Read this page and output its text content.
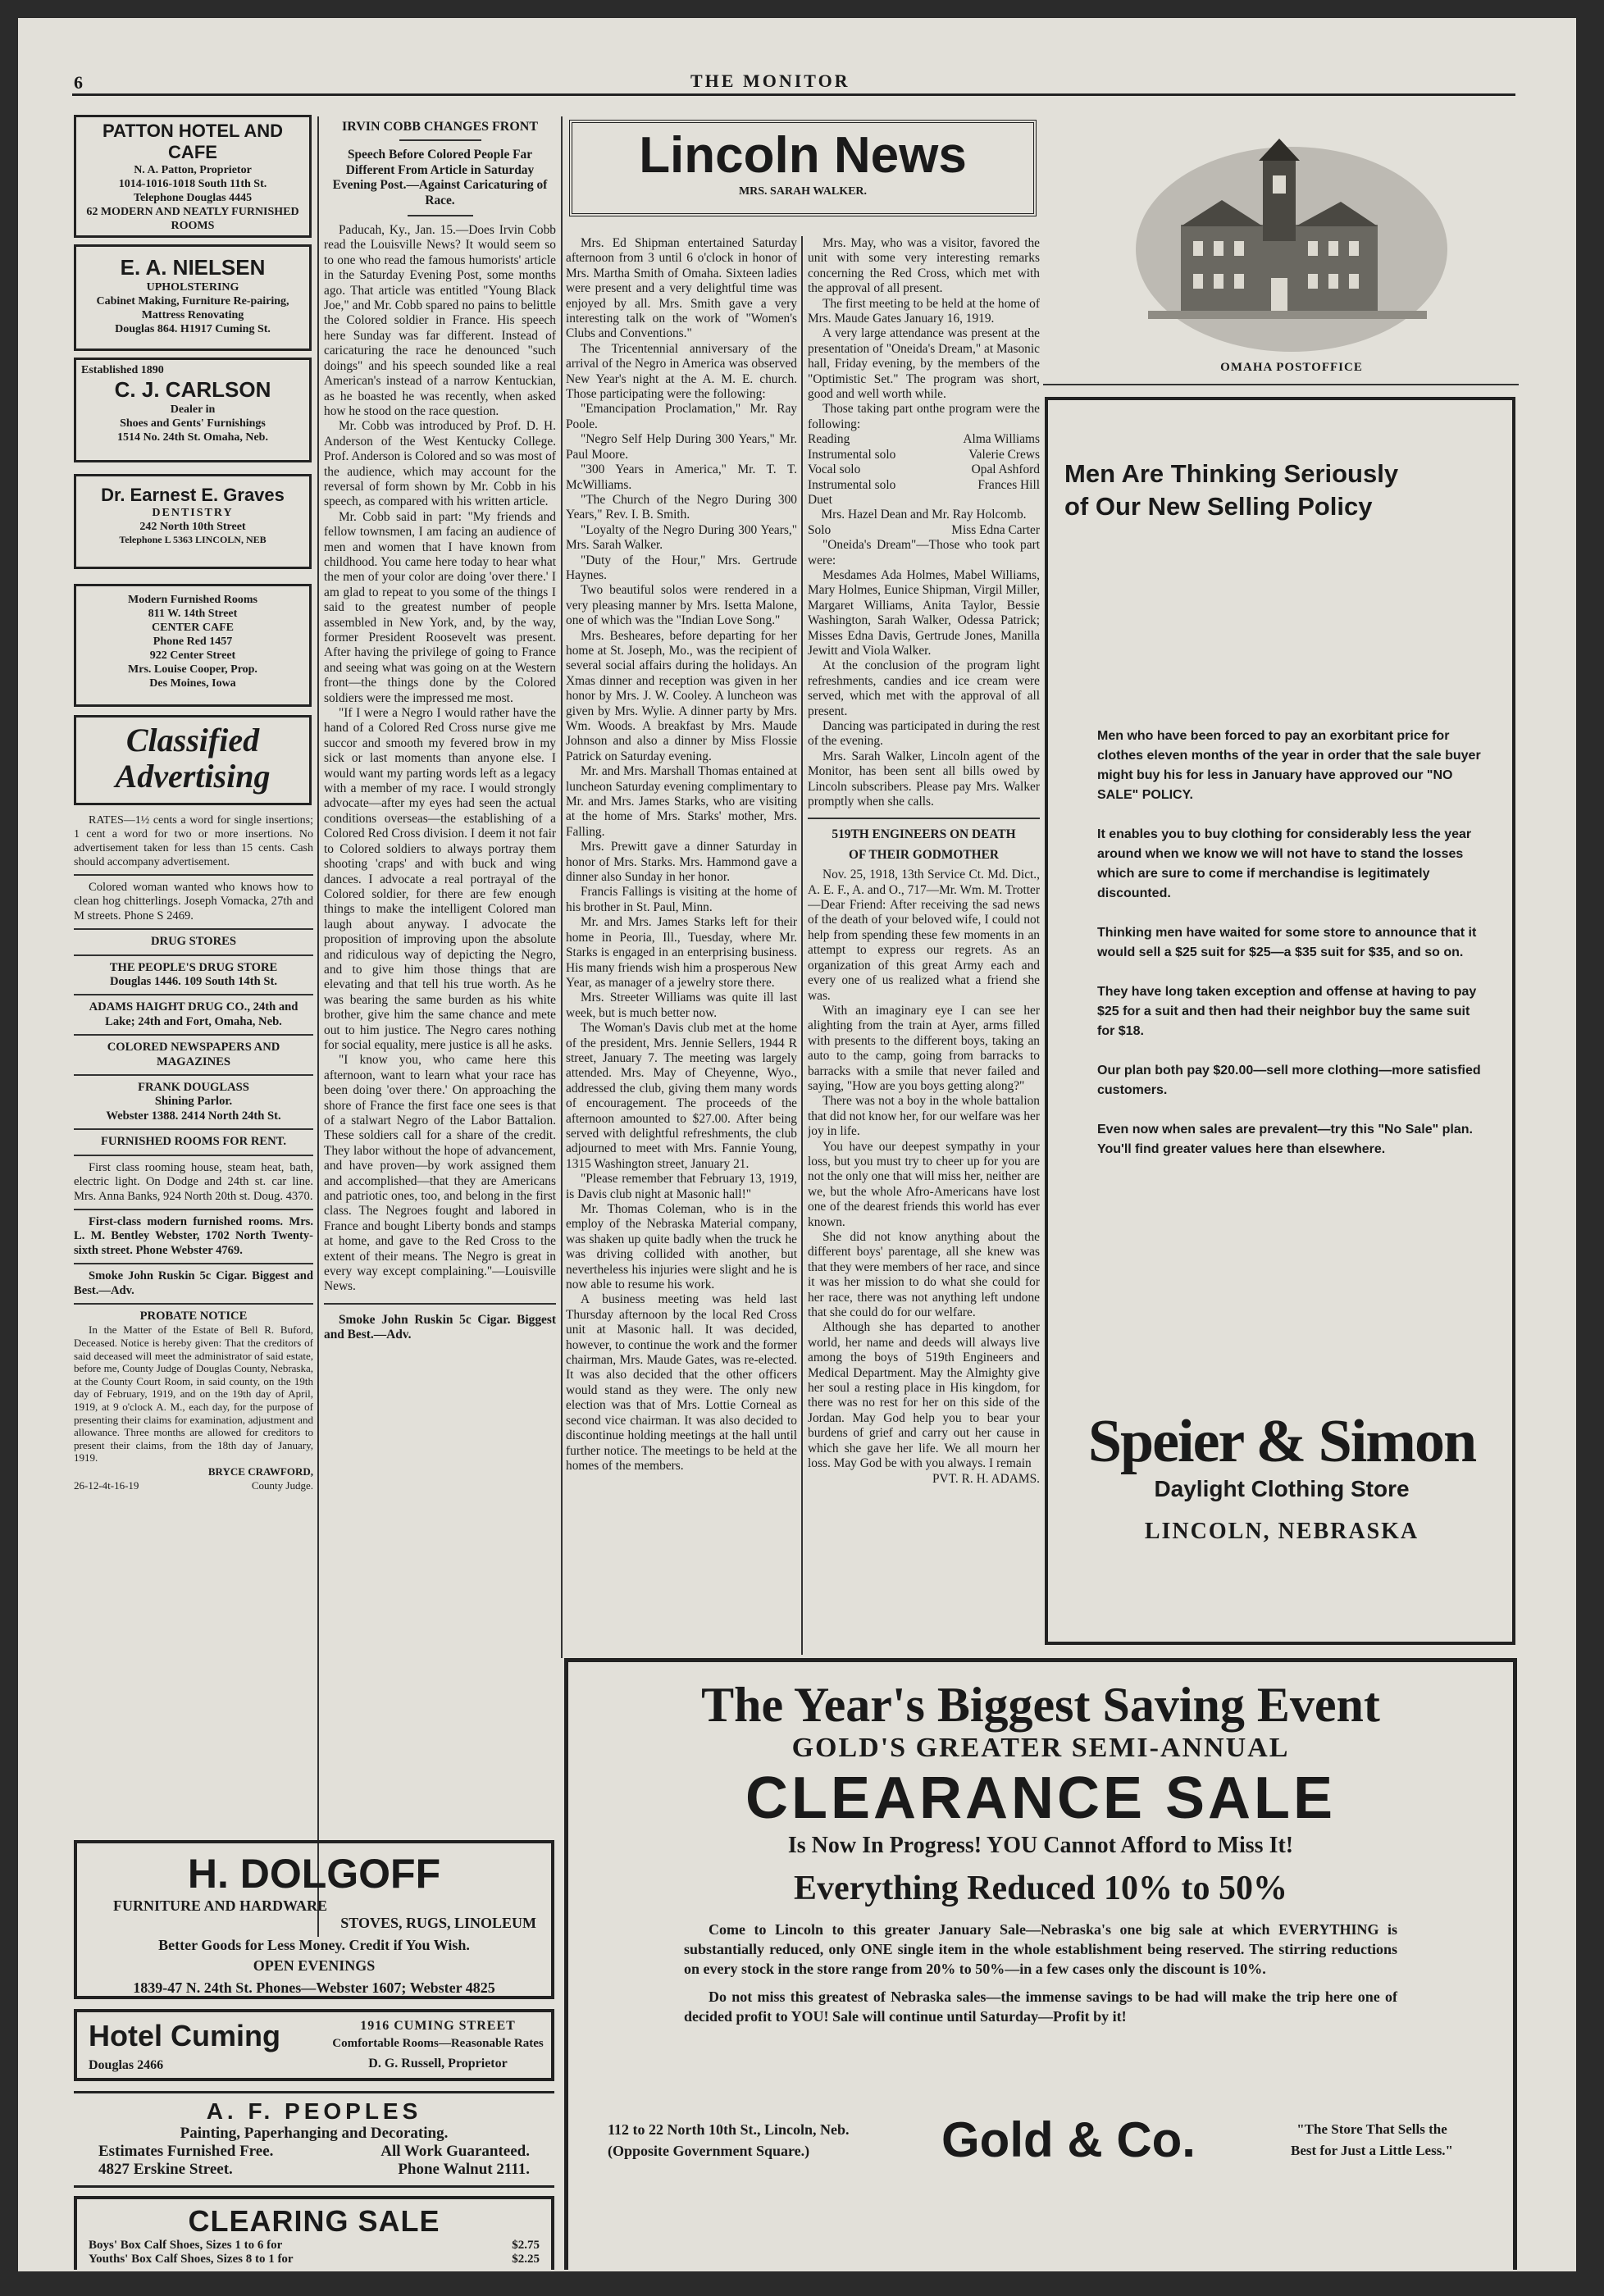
6	THE MONITOR
PATTON HOTEL AND CAFE
N. A. Patton, Proprietor
1014-1016-1018 South 11th St.
Telephone Douglas 4445
62 MODERN AND NEATLY FURNISHED ROOMS
E. A. NIELSEN
UPHOLSTERING
Cabinet Making, Furniture Re-pairing, Mattress Renovating
Douglas 864. H1917 Cuming St.
Established 1890
C. J. CARLSON
Dealer in
Shoes and Gents' Furnishings
1514 No. 24th St. Omaha, Neb.
Dr. Earnest E. Graves
DENTISTRY
242 North 10th Street
Telephone L 5363 LINCOLN, NEB
Modern Furnished Rooms
811 W. 14th Street
CENTER CAFE
Phone Red 1457
922 Center Street
Mrs. Louise Cooper, Prop.
Des Moines, Iowa
Classified
Advertising

RATES—1½ cents a word for single insertions; 1 cent a word for two or more insertions. No advertisement taken for less than 15 cents. Cash should accompany advertisement.

Colored woman wanted who knows how to clean hog chitterlings. Joseph Vomacka, 27th and M streets. Phone S 2469.

DRUG STORES
THE PEOPLE'S DRUG STORE
Douglas 1446. 109 South 14th St.
ADAMS HAIGHT DRUG CO., 24th and Lake; 24th and Fort, Omaha, Neb.
COLORED NEWSPAPERS AND MAGAZINES
FRANK DOUGLASS
Shining Parlor.
Webster 1388. 2414 North 24th St.
FURNISHED ROOMS FOR RENT.

First class rooming house, steam heat, bath, electric light. On Dodge and 24th st. car line. Mrs. Anna Banks, 924 North 20th st. Doug. 4370.

First-class modern furnished rooms. Mrs. L. M. Bentley Webster, 1702 North Twenty-sixth street. Phone Webster 4769.

Smoke John Ruskin 5c Cigar. Biggest and Best.—Adv.

PROBATE NOTICE

In the Matter of the Estate of Bell R. Buford, Deceased. Notice is hereby given: That the creditors of said deceased will meet the administrator of said estate, before me, County Judge of Douglas County, Nebraska, at the County Court Room, in said county, on the 19th day of February, 1919, and on the 19th day of April, 1919, at 9 o'clock A. M., each day, for the purpose of presenting their claims for examination, adjustment and allowance. Three months are allowed for creditors to present their claims, from the 18th day of January, 1919.

BRYCE CRAWFORD,
26-12-4t-16-19	County Judge.
IRVIN COBB CHANGES FRONT
Speech Before Colored People Far Different From Article in Saturday Evening Post.—Against Caricaturing of Race.

Paducah, Ky., Jan. 15.—Does Irvin Cobb read the Louisville News? It would seem so to one who read the famous humorists' article in the Saturday Evening Post, some months ago. That article was entitled "Young Black Joe," and Mr. Cobb spared no pains to belittle the Colored soldier in France. His speech here Sunday was far different. Instead of caricaturing the race he denounced "such doings" and his speech sounded like a real American's instead of a narrow Kentuckian, as he boasted he was recently, when asked how he stood on the race question.

Mr. Cobb was introduced by Prof. D. H. Anderson of the West Kentucky College. Prof. Anderson is Colored and so was most of the audience, which may account for the reversal of form shown by Mr. Cobb in his speech, as compared with his written article.

Mr. Cobb said in part: "My friends and fellow townsmen, I am facing an audience of men and women that I have known from childhood. You came here today to hear what the men of your color are doing 'over there.' I am glad to repeat to you some of the things I said to the greatest number of people assembled in New York, and, by the way, former President Roosevelt was present. After having the privilege of going to France and seeing what was going on at the Western front—the things done by the Colored soldiers were the impressed me most.

"If I were a Negro I would rather have the hand of a Colored Red Cross nurse give me succor and smooth my fevered brow in my sick or last moments than anyone else. I would want my parting words left as a legacy with a member of my race. I would strongly advocate—after my eyes had seen the actual conditions overseas—the establishing of a Colored Red Cross division. I deem it not fair to Colored soldiers to always portray them shooting 'craps' and with buck and wing dances. I advocate a real portrayal of the Colored soldier, for there are few enough things to make the intelligent Colored man laugh about anyway. I advocate the proposition of improving upon the absolute and ridiculous way of depicting the Negro, and to give him those things that are elevating and that tell his true worth. As he was bearing the same burden as his white brother, give him the same chance and mete out to him justice. The Negro cares nothing for social equality, mere justice is all he asks.

"I know you, who came here this afternoon, want to learn what your race has been doing 'over there.' On approaching the shore of France the first face one sees is that of a stalwart Negro of the Labor Battalion. These soldiers call for a share of the credit. They labor without the hope of advancement, and have proven—by work assigned them and accomplished—that they are Americans and patriotic ones, too, and belong in the first class. The Negroes fought and labored in France and bought Liberty bonds and stamps at home, and gave to the Red Cross to the extent of their means. The Negro is great in every way except complaining."—Louisville News.

Smoke John Ruskin 5c Cigar. Biggest and Best.—Adv.

Lincoln News
MRS. SARAH WALKER.

Mrs. Ed Shipman entertained Saturday afternoon from 3 until 6 o'clock in honor of Mrs. Martha Smith of Omaha. Sixteen ladies were present and a very delightful time was enjoyed by all. Mrs. Smith gave a very interesting talk on the work of "Women's Clubs and Conventions."

The Tricentennial anniversary of the arrival of the Negro in America was observed New Year's night at the A. M. E. church. Those participating were the following:

"Emancipation Proclamation," Mr. Ray Poole.

"Negro Self Help During 300 Years," Mr. Paul Moore.

"300 Years in America," Mr. T. T. McWilliams.

"The Church of the Negro During 300 Years," Rev. I. B. Smith.

"Loyalty of the Negro During 300 Years," Mrs. Sarah Walker.

"Duty of the Hour," Mrs. Gertrude Haynes.

Two beautiful solos were rendered in a very pleasing manner by Mrs. Isetta Malone, one of which was the "Indian Love Song."

Mrs. Besheares, before departing for her home at St. Joseph, Mo., was the recipient of several social affairs during the holidays. An Xmas dinner and reception was given in her honor by Mrs. J. W. Cooley. A luncheon was given by Mrs. Wylie. A dinner party by Mrs. Wm. Woods. A breakfast by Mrs. Maude Johnson and also a dinner by Miss Flossie Patrick on Saturday evening.

Mr. and Mrs. Marshall Thomas entained at luncheon Saturday evening complimentary to Mr. and Mrs. James Starks, who are visiting at the home of Mrs. Starks' mother, Mrs. Falling.

Mrs. Prewitt gave a dinner Saturday in honor of Mrs. Starks. Mrs. Hammond gave a dinner also Sunday in her honor.

Francis Fallings is visiting at the home of his brother in St. Paul, Minn.

Mr. and Mrs. James Starks left for their home in Peoria, Ill., Tuesday, where Mr. Starks is engaged in an enterprising business. His many friends wish him a prosperous New Year, as manager of a jewelry store there.

Mrs. Streeter Williams was quite ill last week, but is much better now.

The Woman's Davis club met at the home of the president, Mrs. Jennie Sellers, 1944 R street, January 7. The meeting was largely attended. Mrs. May of Cheyenne, Wyo., addressed the club, giving them many words of encouragement. The proceeds of the afternoon amounted to $27.00. After being served with delightful refreshments, the club adjourned to meet with Mrs. Fannie Young, 1315 Washington street, January 21.

"Please remember that February 13, 1919, is Davis club night at Masonic hall!"

Mr. Thomas Coleman, who is in the employ of the Nebraska Material company, was shaken up quite badly when the truck he was driving collided with another, but nevertheless his injuries were slight and he is now able to resume his work.

A business meeting was held last Thursday afternoon by the local Red Cross unit at Masonic hall. It was decided, however, to continue the work and the former chairman, Mrs. Maude Gates, was re-elected. It was also decided that the other officers would stand as they were. The only new election was that of Mrs. Lottie Corneal as second vice chairman. It was also decided to discontinue holding meetings at the hall until further notice. The meetings to be held at the homes of the members.

Mrs. May, who was a visitor, favored the unit with some very interesting remarks concerning the Red Cross, which met with the approval of all present.

The first meeting to be held at the home of Mrs. Maude Gates January 16, 1919.

A very large attendance was present at the presentation of "Oneida's Dream," at Masonic hall, Friday evening, by the members of the "Optimistic Set." The program was short, good and well worth while.

Those taking part onthe program were the following:

Reading	Alma Williams
Instrumental solo	Valerie Crews
Vocal solo	Opal Ashford
Instrumental solo	Frances Hill
Duet
Mrs. Hazel Dean and Mr. Ray Holcomb.
Solo	Miss Edna Carter

"Oneida's Dream"—Those who took part were:

Mesdames Ada Holmes, Mabel Williams, Mary Holmes, Eunice Shipman, Virgil Miller, Margaret Williams, Anita Taylor, Bessie Washington, Sarah Walker, Odessa Patrick; Misses Edna Davis, Gertrude Jones, Manilla Jewitt and Viola Walker.

At the conclusion of the program light refreshments, candies and ice cream were served, which met with the approval of all present.

Dancing was participated in during the rest of the evening.

Mrs. Sarah Walker, Lincoln agent of the Monitor, has been sent all bills owed by Lincoln subscribers. Please pay Mrs. Walker promptly when she calls.

519TH ENGINEERS ON DEATH
OF THEIR GODMOTHER

Nov. 25, 1918, 13th Service Ct. Md. Dict., A. E. F., A. and O., 717—Mr. Wm. M. Trotter—Dear Friend: After receiving the sad news of the death of your beloved wife, I could not help from spending these few moments in an attempt to express our regrets. As an organization of this great Army each and every one of us realized what a friend she was.

With an imaginary eye I can see her alighting from the train at Ayer, arms filled with presents to the different boys, taking an auto to the camp, going from barracks to barracks with a smile that never failed and saying, "How are you boys getting along?"

There was not a boy in the whole battalion that did not know her, for our welfare was her joy in life.

You have our deepest sympathy in your loss, but you must try to cheer up for you are not the only one that will miss her, neither are we, but the whole Afro-Americans have lost one of the dearest friends this world has ever known.

She did not know anything about the different boys' parentage, all she knew was that they were members of her race, and since it was her mission to do what she could for her race, there was not anything left undone that she could do for our welfare.

Although she has departed to another world, her name and deeds will always live among the boys of 519th Engineers and Medical Department. May the Almighty give her soul a resting place in His kingdom, for there was no rest for her on this side of the Jordan. May God help you to bear your burdens of grief and carry out her cause in which she gave her life. We all mourn her loss. May God be with you always. I remain

PVT. R. H. ADAMS.
OMAHA POSTOFFICE
Men Are Thinking Seriously
of Our New Selling Policy

Men who have been forced to pay an exorbitant price for clothes eleven months of the year in order that the sale buyer might buy his for less in January have approved our "NO SALE" POLICY.

It enables you to buy clothing for considerably less the year around when we know we will not have to stand the losses which are sure to come if merchandise is legitimately discounted.

Thinking men have waited for some store to announce that it would sell a $25 suit for $25—a $35 suit for $35, and so on.

They have long taken exception and offense at having to pay $25 for a suit and then had their neighbor buy the same suit for $18.

Our plan both pay $20.00—sell more clothing—more satisfied customers.

Even now when sales are prevalent—try this "No Sale" plan. You'll find greater values here than elsewhere.

Speier & Simon
Daylight Clothing Store
LINCOLN, NEBRASKA
H. DOLGOFF
FURNITURE AND HARDWARE
STOVES, RUGS, LINOLEUM
Better Goods for Less Money. Credit if You Wish.
OPEN EVENINGS
1839-47 N. 24th St. Phones—Webster 1607; Webster 4825
Hotel Cuming
Douglas 2466
1916 CUMING STREET
Comfortable Rooms—Reasonable Rates
D. G. Russell, Proprietor
A. F. PEOPLES
Painting, Paperhanging and Decorating.
Estimates Furnished Free.	All Work Guaranteed.
4827 Erskine Street.	Phone Walnut 2111.
CLEARING SALE
Boys' Box Calf Shoes, Sizes 1 to 6 for	$2.75
Youths' Box Calf Shoes, Sizes 8 to 1 for	$2.25
The Year's Biggest Saving Event
GOLD'S GREATER SEMI-ANNUAL
CLEARANCE SALE
Is Now In Progress! YOU Cannot Afford to Miss It!
Everything Reduced 10% to 50%
Come to Lincoln to this greater January Sale—Nebraska's one big sale at which EVERYTHING is substantially reduced, only ONE single item in the whole establishment being reserved. The stirring reductions on every stock in the store range from 20% to 50%—in a few cases only the discount is 10%.
Do not miss this greatest of Nebraska sales—the immense savings to be had will make the trip here one of decided profit to YOU! Sale will continue until Saturday—Profit by it!
112 to 22 North 10th St., Lincoln, Neb.
(Opposite Government Square.)	Gold & Co.	"The Store That Sells the
Best for Just a Little Less."
